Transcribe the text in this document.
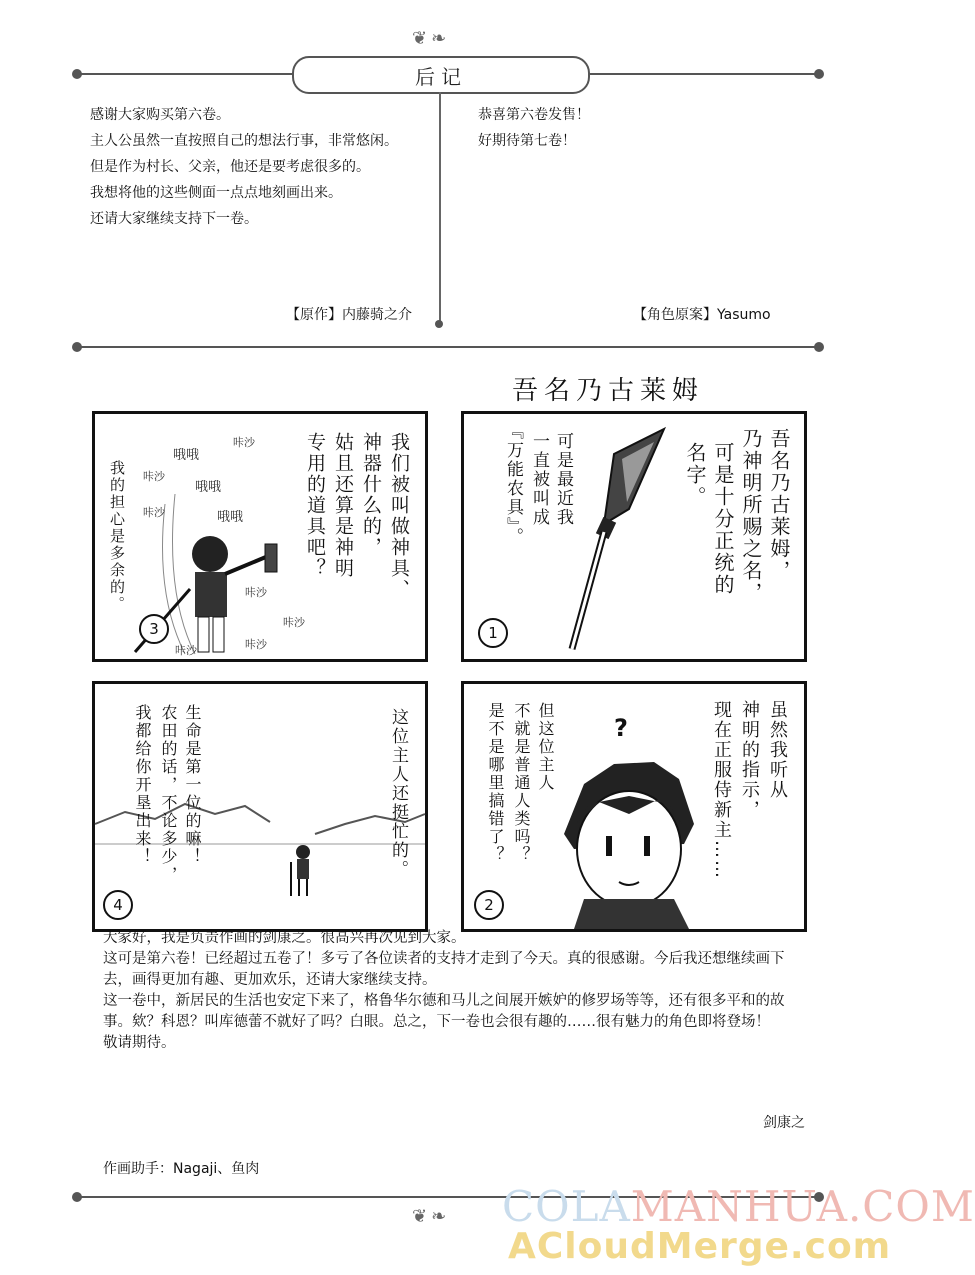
❦❧
后记
感谢大家购买第六卷。
主人公虽然一直按照自己的想法行事，非常悠闲。
但是作为村长、父亲，他还是要考虑很多的。
我想将他的这些侧面一点点地刻画出来。
还请大家继续支持下一卷。
【原作】内藤骑之介
恭喜第六卷发售！
好期待第七卷！
【角色原案】Yasumo
吾名乃古莱姆
吾名乃古莱姆，
乃神明所赐之名，
可是十分正统的
名字。
可是最近我
一直被叫成
『万能农具』。
1
我们被叫做神具、
神器什么的，
姑且还算是神明
专用的道具吧？
我的担心是多余的。
咔沙
咔沙
咔沙
咔沙
咔沙
咔沙
咔沙
哦哦
哦哦
哦哦
3
?	虽然我听从
神明的指示，
现在正服侍新主……
但这位主人
不就是普通人类吗？
是不是哪里搞错了？
2
这位主人还挺忙的。
生命是第一位的嘛！
农田的话，不论多少，
我都给你开垦出来！
4
大家好，我是负责作画的剑康之。很高兴再次见到大家。
这可是第六卷！已经超过五卷了！多亏了各位读者的支持才走到了今天。真的很感谢。今后我还想继续画下去，画得更加有趣、更加欢乐，还请大家继续支持。
这一卷中，新居民的生活也安定下来了，格鲁华尔德和马儿之间展开嫉妒的修罗场等等，还有很多平和的故事。欸？科恩？叫库德蕾不就好了吗？白眼。总之，下一卷也会很有趣的……很有魅力的角色即将登场！
敬请期待。
剑康之
作画助手：Nagaji、鱼肉
❦❧ COLAMANHUA.COM
ACloudMerge.com
